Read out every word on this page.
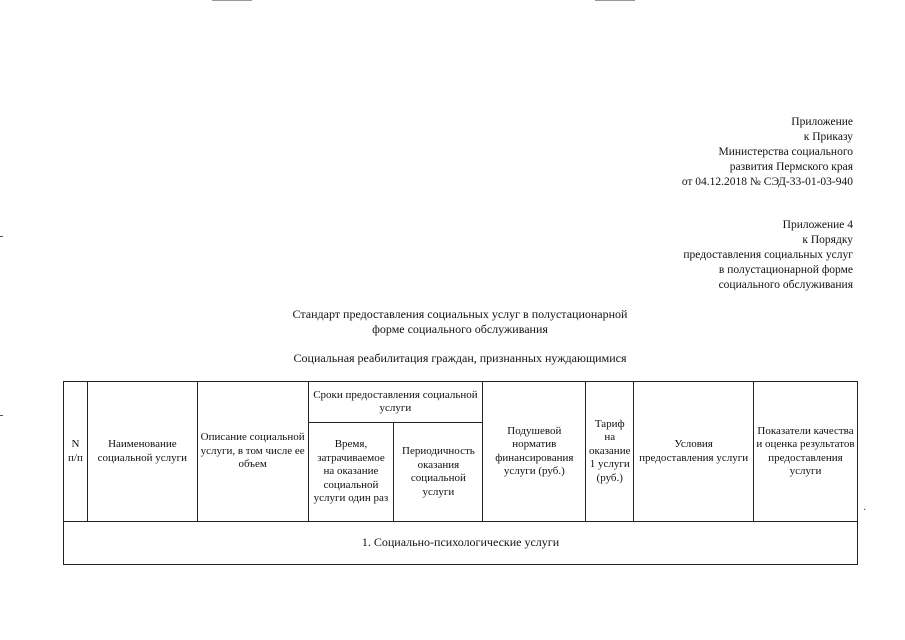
Приложение
к Приказу
Министерства социального
развития Пермского края
от 04.12.2018 № СЭД-33-01-03-940
Приложение 4
к Порядку
предоставления социальных услуг
в полустационарной форме
социального обслуживания
Стандарт предоставления социальных услуг в полустационарной
форме социального обслуживания
Социальная реабилитация граждан, признанных нуждающимися
N п/п	Наименование социальной услуги	Описание социальной услуги, в том числе ее объем	Сроки предоставления социальной услуги		Подушевой норматив финансирования услуги (руб.)	Тариф на оказание 1 услуги (руб.)	Условия предоставления услуги	Показатели качества и оценка результатов предоставления услуги
			Время, затрачиваемое на оказание социальной услуги один раз	Периодичность оказания социальной услуги				
1. Социально-психологические услуги								
·
